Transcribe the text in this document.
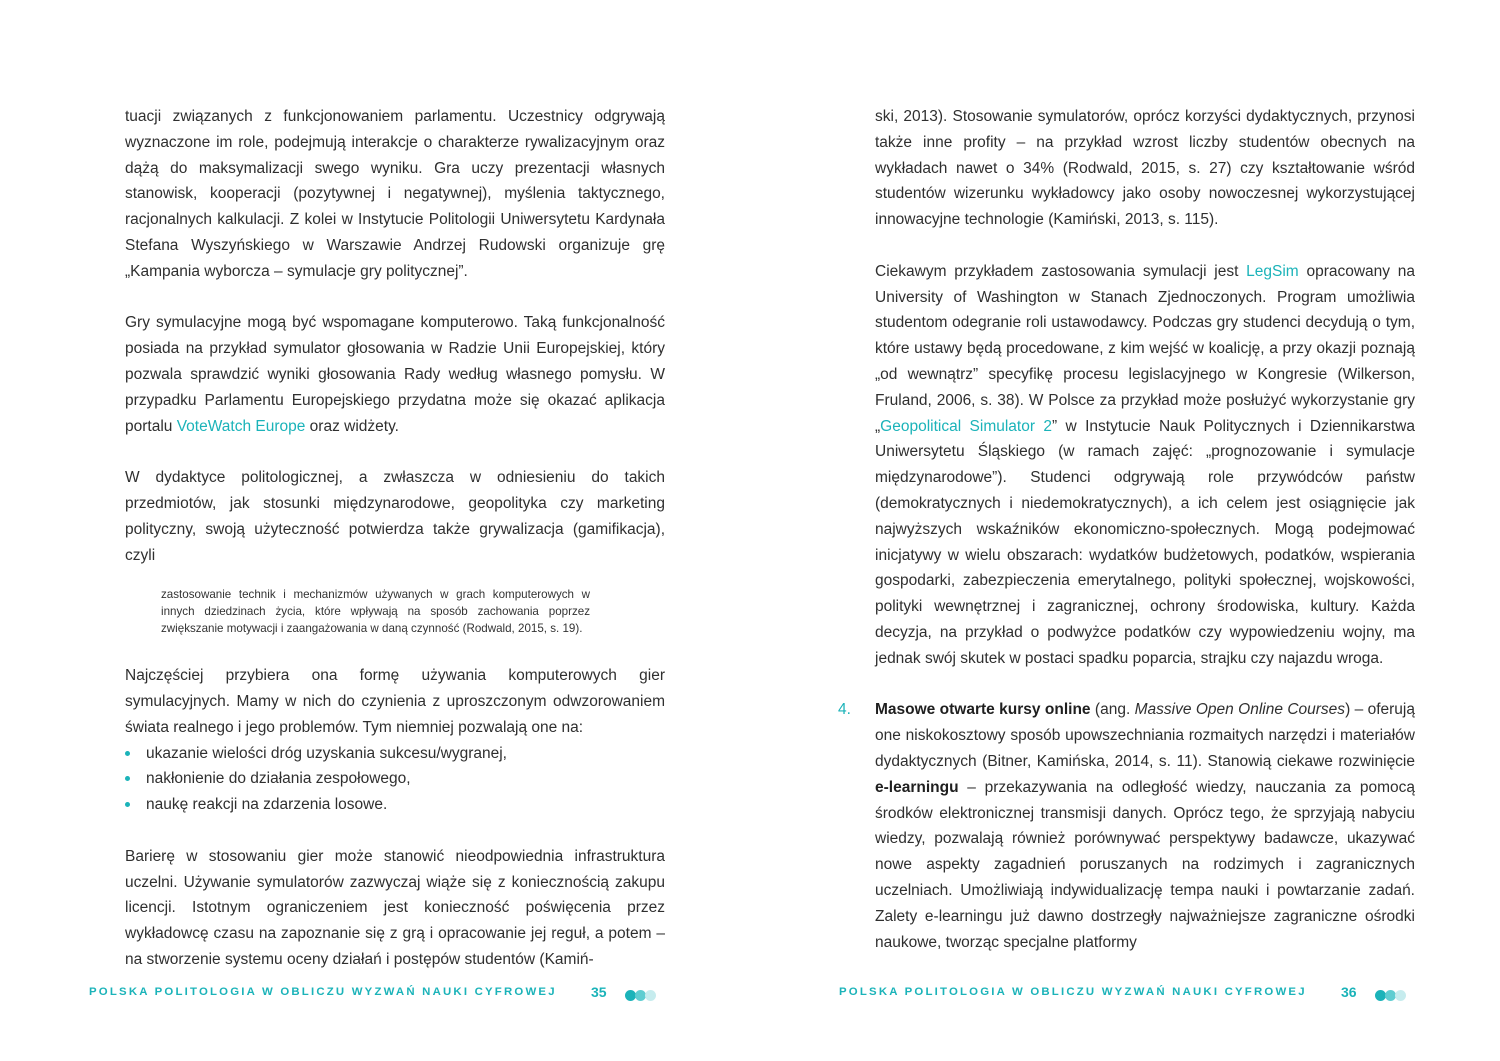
tuacji związanych z funkcjonowaniem parlamentu. Uczestnicy odgrywają wyznaczone im role, podejmują interakcje o charakterze rywalizacyjnym oraz dążą do maksymalizacji swego wyniku. Gra uczy prezentacji własnych stanowisk, kooperacji (pozytywnej i negatywnej), myślenia taktycznego, racjonalnych kalkulacji. Z kolei w Instytucie Politologii Uniwersytetu Kardynała Stefana Wyszyńskiego w Warszawie Andrzej Rudowski organizuje grę „Kampania wyborcza – symulacje gry politycznej”.

Gry symulacyjne mogą być wspomagane komputerowo. Taką funkcjonalność posiada na przykład symulator głosowania w Radzie Unii Europejskiej, który pozwala sprawdzić wyniki głosowania Rady według własnego pomysłu. W przypadku Parlamentu Europejskiego przydatna może się okazać aplikacja portalu VoteWatch Europe oraz widżety.

W dydaktyce politologicznej, a zwłaszcza w odniesieniu do takich przedmiotów, jak stosunki międzynarodowe, geopolityka czy marketing polityczny, swoją użyteczność potwierdza także grywalizacja (gamifikacja), czyli

zastosowanie technik i mechanizmów używanych w grach komputerowych w innych dziedzinach życia, które wpływają na sposób zachowania poprzez zwiększanie motywacji i zaangażowania w daną czynność (Rodwald, 2015, s. 19).

Najczęściej przybiera ona formę używania komputerowych gier symulacyjnych. Mamy w nich do czynienia z uproszczonym odwzorowaniem świata realnego i jego problemów. Tym niemniej pozwalają one na:

ukazanie wielości dróg uzyskania sukcesu/wygranej,
nakłonienie do działania zespołowego,
naukę reakcji na zdarzenia losowe.

Barierę w stosowaniu gier może stanowić nieodpowiednia infrastruktura uczelni. Używanie symulatorów zazwyczaj wiąże się z koniecznością zakupu licencji. Istotnym ograniczeniem jest konieczność poświęcenia przez wykładowcę czasu na zapoznanie się z grą i opracowanie jej reguł, a potem – na stworzenie systemu oceny działań i postępów studentów (Kamiń-

POLSKA POLITOLOGIA W OBLICZU WYZWAŃ NAUKI CYFROWEJ 35

ski, 2013). Stosowanie symulatorów, oprócz korzyści dydaktycznych, przynosi także inne profity – na przykład wzrost liczby studentów obecnych na wykładach nawet o 34% (Rodwald, 2015, s. 27) czy kształtowanie wśród studentów wizerunku wykładowcy jako osoby nowoczesnej wykorzystującej innowacyjne technologie (Kamiński, 2013, s. 115).

Ciekawym przykładem zastosowania symulacji jest LegSim opracowany na University of Washington w Stanach Zjednoczonych. Program umożliwia studentom odegranie roli ustawodawcy. Podczas gry studenci decydują o tym, które ustawy będą procedowane, z kim wejść w koalicję, a przy okazji poznają „od wewnątrz” specyfikę procesu legislacyjnego w Kongresie (Wilkerson, Fruland, 2006, s. 38). W Polsce za przykład może posłużyć wykorzystanie gry „Geopolitical Simulator 2” w Instytucie Nauk Politycznych i Dziennikarstwa Uniwersytetu Śląskiego (w ramach zajęć: „prognozowanie i symulacje międzynarodowe”). Studenci odgrywają role przywódców państw (demokratycznych i niedemokratycznych), a ich celem jest osiągnięcie jak najwyższych wskaźników ekonomiczno-społecznych. Mogą podejmować inicjatywy w wielu obszarach: wydatków budżetowych, podatków, wspierania gospodarki, zabezpieczenia emerytalnego, polityki społecznej, wojskowości, polityki wewnętrznej i zagranicznej, ochrony środowiska, kultury. Każda decyzja, na przykład o podwyżce podatków czy wypowiedzeniu wojny, ma jednak swój skutek w postaci spadku poparcia, strajku czy najazdu wroga.

4. Masowe otwarte kursy online (ang. Massive Open Online Courses) – oferują one niskokosztowy sposób upowszechniania rozmaitych narzędzi i materiałów dydaktycznych (Bitner, Kamińska, 2014, s. 11). Stanowią ciekawe rozwinięcie e-learningu – przekazywania na odległość wiedzy, nauczania za pomocą środków elektronicznej transmisji danych. Oprócz tego, że sprzyjają nabyciu wiedzy, pozwalają również porównywać perspektywy badawcze, ukazywać nowe aspekty zagadnień poruszanych na rodzimych i zagranicznych uczelniach. Umożliwiają indywidualizację tempa nauki i powtarzanie zadań. Zalety e-learningu już dawno dostrzegły najważniejsze zagraniczne ośrodki naukowe, tworząc specjalne platformy

POLSKA POLITOLOGIA W OBLICZU WYZWAŃ NAUKI CYFROWEJ 36
